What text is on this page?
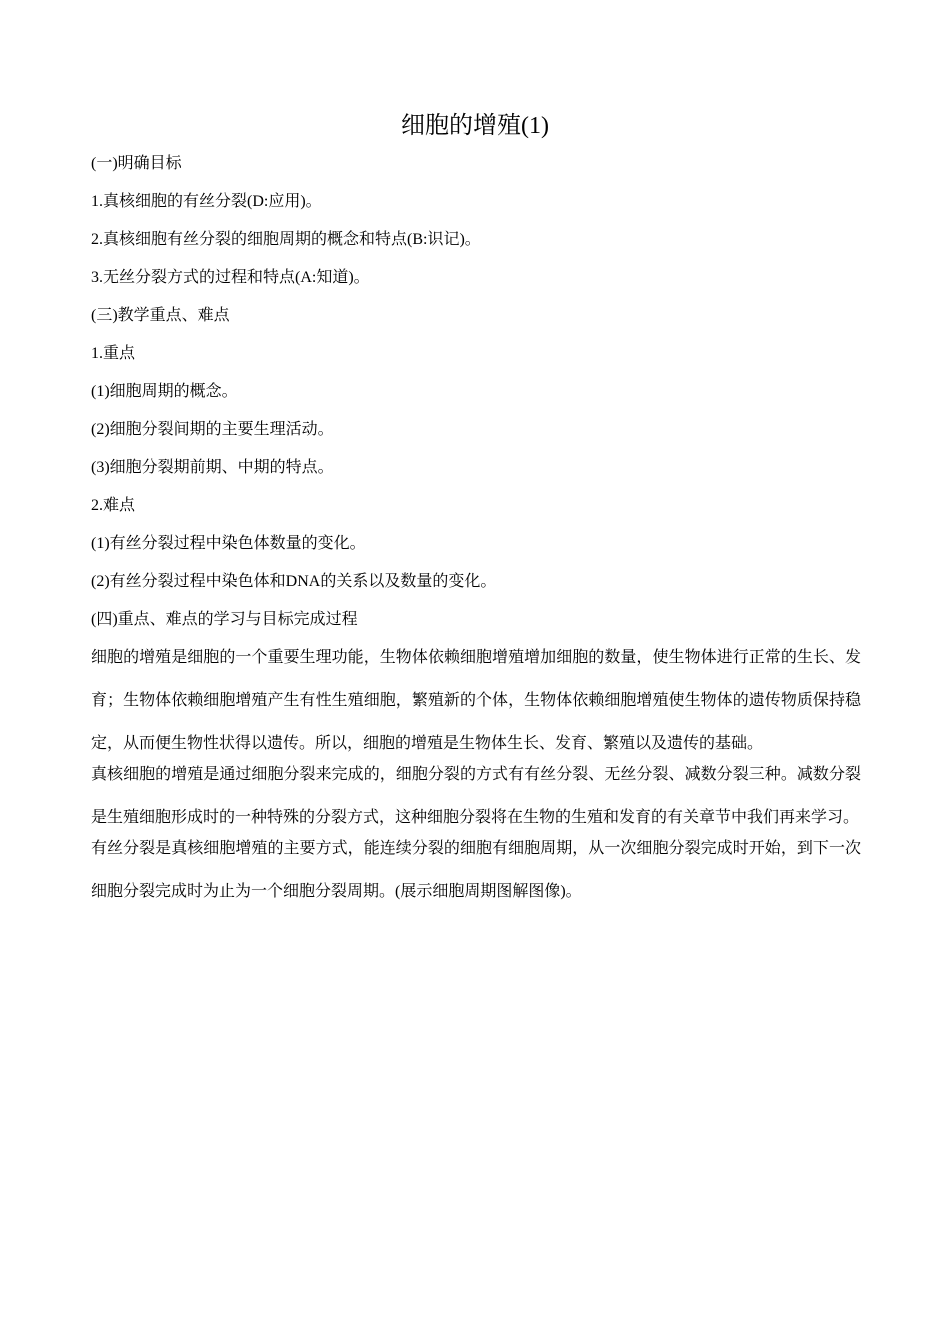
细胞的增殖(1)
(一)明确目标
1.真核细胞的有丝分裂(D:应用)。
2.真核细胞有丝分裂的细胞周期的概念和特点(B:识记)。
3.无丝分裂方式的过程和特点(A:知道)。
(三)教学重点、难点
1.重点
(1)细胞周期的概念。
(2)细胞分裂间期的主要生理活动。
(3)细胞分裂期前期、中期的特点。
2.难点
(1)有丝分裂过程中染色体数量的变化。
(2)有丝分裂过程中染色体和DNA的关系以及数量的变化。
(四)重点、难点的学习与目标完成过程

细胞的增殖是细胞的一个重要生理功能，生物体依赖细胞增殖增加细胞的数量，使生物体进行正常的生长、发育；生物体依赖细胞增殖产生有性生殖细胞，繁殖新的个体，生物体依赖细胞增殖使生物体的遗传物质保持稳定，从而便生物性状得以遗传。所以，细胞的增殖是生物体生长、发育、繁殖以及遗传的基础。

真核细胞的增殖是通过细胞分裂来完成的，细胞分裂的方式有有丝分裂、无丝分裂、减数分裂三种。减数分裂是生殖细胞形成时的一种特殊的分裂方式，这种细胞分裂将在生物的生殖和发育的有关章节中我们再来学习。

有丝分裂是真核细胞增殖的主要方式，能连续分裂的细胞有细胞周期，从一次细胞分裂完成时开始，到下一次细胞分裂完成时为止为一个细胞分裂周期。(展示细胞周期图解图像)。
